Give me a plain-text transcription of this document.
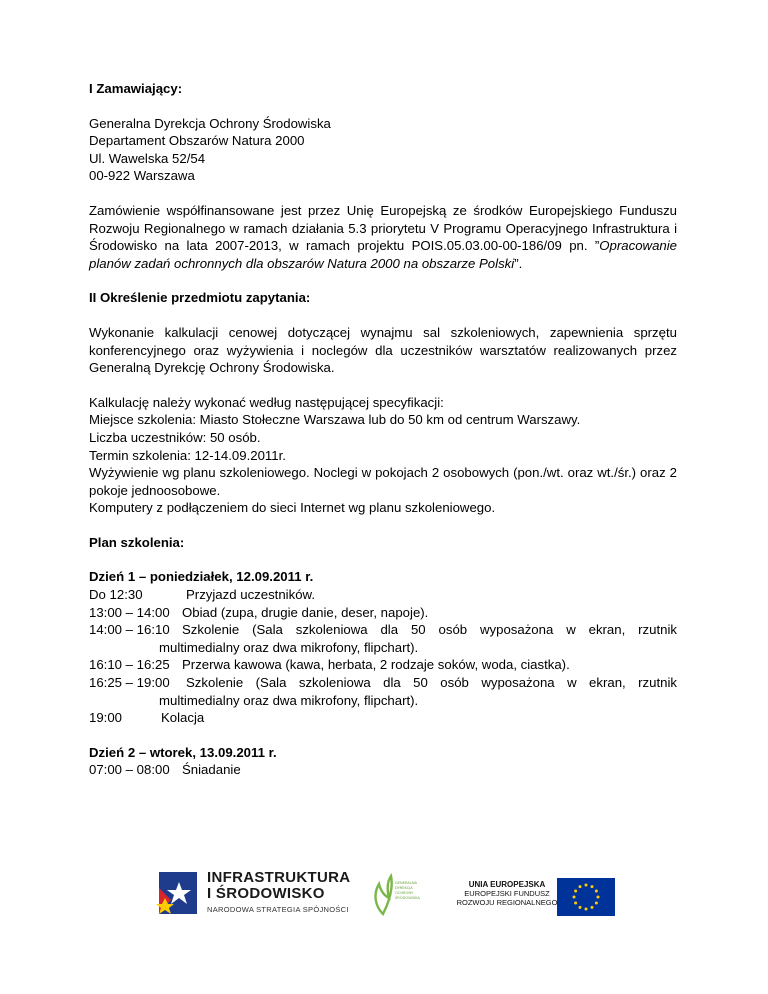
I Zamawiający:

Generalna Dyrekcja Ochrony Środowiska

Departament Obszarów Natura 2000

Ul. Wawelska 52/54

00-922 Warszawa

Zamówienie współfinansowane jest przez Unię Europejską ze środków Europejskiego Funduszu Rozwoju Regionalnego w ramach działania 5.3 priorytetu V Programu Operacyjnego Infrastruktura i Środowisko na lata 2007-2013, w ramach projektu POIS.05.03.00-00-186/09 pn. ”Opracowanie planów zadań ochronnych dla obszarów Natura 2000 na obszarze Polski”.

II Określenie przedmiotu zapytania:

Wykonanie kalkulacji cenowej dotyczącej wynajmu sal szkoleniowych, zapewnienia sprzętu konferencyjnego oraz wyżywienia i noclegów dla uczestników warsztatów realizowanych przez Generalną Dyrekcję Ochrony Środowiska.

Kalkulację należy wykonać według następującej specyfikacji:

Miejsce szkolenia: Miasto Stołeczne Warszawa lub do 50 km od centrum Warszawy.

Liczba uczestników: 50 osób.

Termin szkolenia: 12-14.09.2011r.

Wyżywienie wg planu szkoleniowego. Noclegi w pokojach 2 osobowych (pon./wt. oraz wt./śr.) oraz 2 pokoje jednoosobowe.

Komputery z podłączeniem do sieci Internet wg planu szkoleniowego.

Plan szkolenia:

Dzień 1 – poniedziałek, 12.09.2011 r.

Do 12:30	Przyjazd uczestników.
13:00 – 14:00 Obiad (zupa, drugie danie, deser, napoje).
14:00 – 16:10 Szkolenie (Sala szkoleniowa dla 50 osób wyposażona w ekran, rzutnik

multimedialny oraz dwa mikrofony, flipchart).

16:10 – 16:25 Przerwa kawowa (kawa, herbata, 2 rodzaje soków, woda, ciastka).
16:25 – 19:00	Szkolenie (Sala szkoleniowa dla 50 osób wyposażona w ekran, rzutnik

multimedialny oraz dwa mikrofony, flipchart).

19:00	Kolacja

Dzień 2 – wtorek, 13.09.2011 r.

07:00 – 08:00 Śniadanie
INFRASTRUKTURA
I ŚRODOWISKO
NARODOWA STRATEGIA SPÓJNOŚCI
GENERALNA
DYREKCJA
OCHRONY
ŚRODOWISKA
UNIA EUROPEJSKA
EUROPEJSKI FUNDUSZ
ROZWOJU REGIONALNEGO
